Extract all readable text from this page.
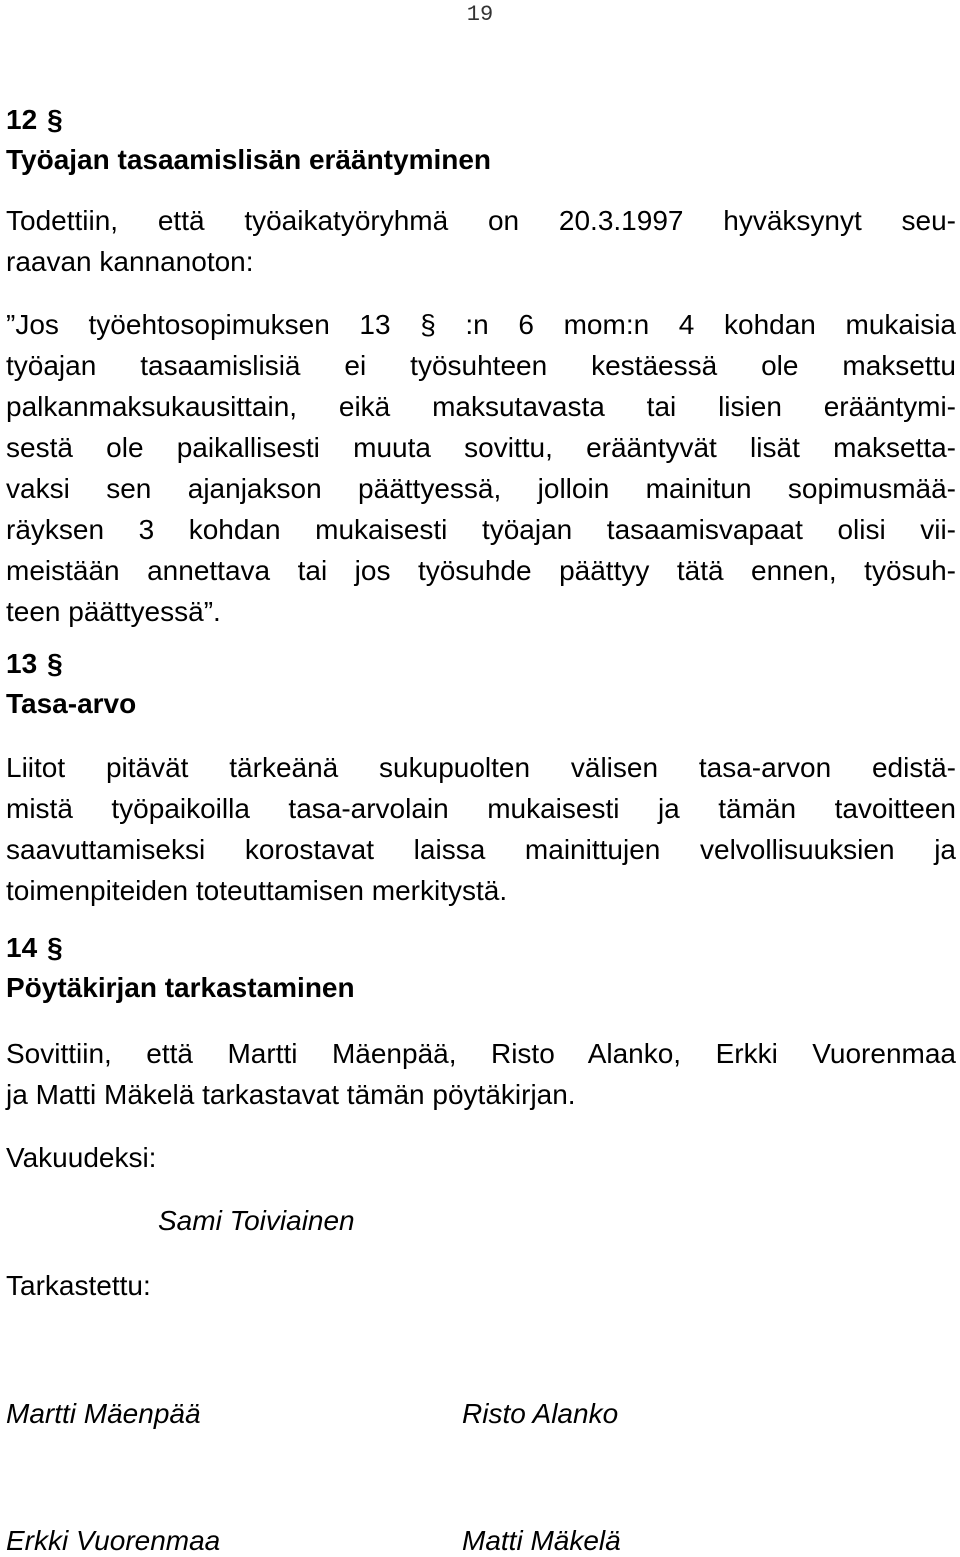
19
12 §
Työajan tasaamislisän erääntyminen
Todettiin, että työaikatyöryhmä on 20.3.1997 hyväksynyt seu-
raavan kannanoton:
”Jos työehtosopimuksen 13 § :n 6 mom:n 4 kohdan mukaisia
työajan tasaamislisiä ei työsuhteen kestäessä ole maksettu
palkanmaksukausittain, eikä maksutavasta tai lisien erääntymi-
sestä ole paikallisesti muuta sovittu, erääntyvät lisät maksetta-
vaksi sen ajanjakson päättyessä, jolloin mainitun sopimusmää-
räyksen 3 kohdan mukaisesti työajan tasaamisvapaat olisi vii-
meistään annettava tai jos työsuhde päättyy tätä ennen, työsuh-
teen päättyessä”.
13 §
Tasa-arvo
Liitot pitävät tärkeänä sukupuolten välisen tasa-arvon edistä-
mistä työpaikoilla tasa-arvolain mukaisesti ja tämän tavoitteen
saavuttamiseksi korostavat laissa mainittujen velvollisuuksien ja
toimenpiteiden toteuttamisen merkitystä.
14 §
Pöytäkirjan tarkastaminen
Sovittiin, että Martti Mäenpää, Risto Alanko, Erkki Vuorenmaa
ja Matti Mäkelä tarkastavat tämän pöytäkirjan.
Vakuudeksi:
Sami Toiviainen
Tarkastettu:
Martti Mäenpää	Risto Alanko
Erkki Vuorenmaa	Matti Mäkelä
